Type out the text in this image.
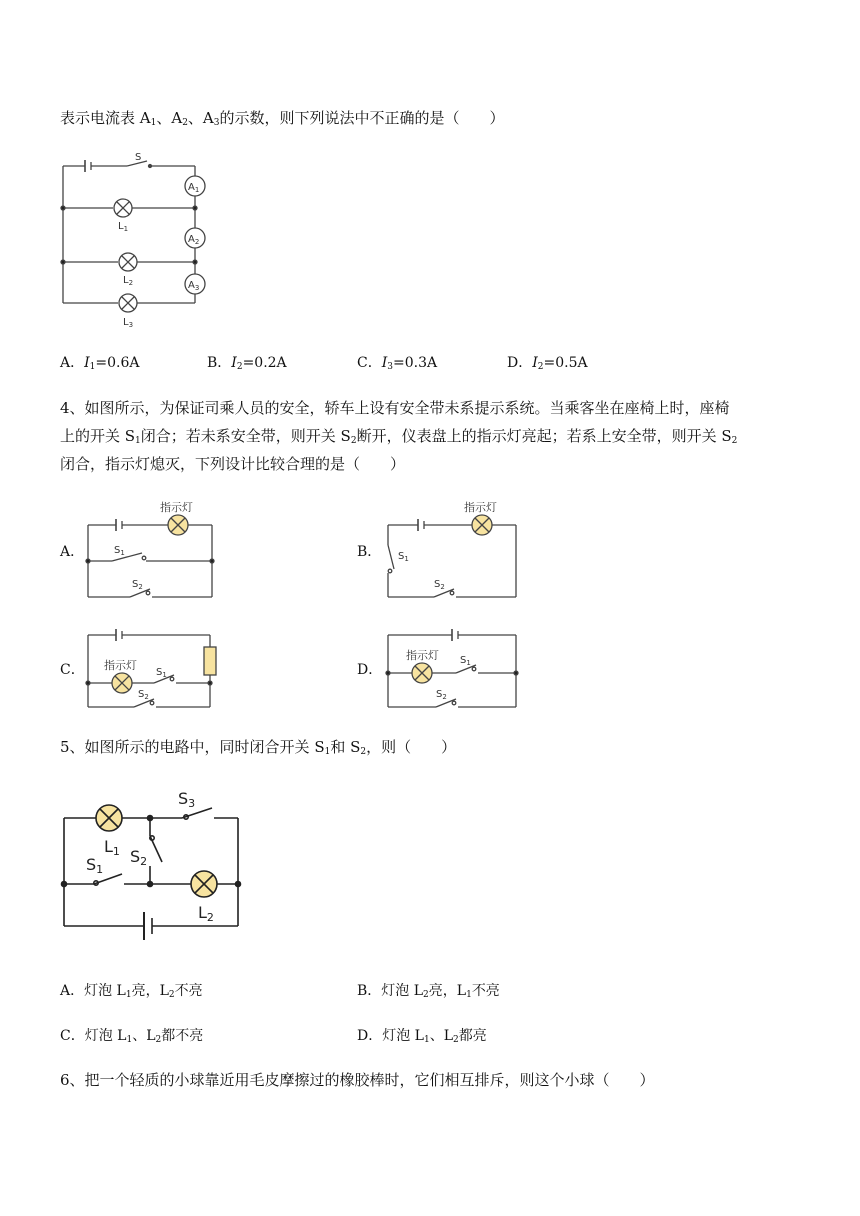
表示电流表 $A_1$、$A_2$、$A_3$的示数，则下列说法中不正确的是（　　）
S
$A_1$
$A_2$
$A_3$
$L_1$
$L_2$
$L_3$
A．$I_1=0.6A$	B．$I_2=0.2A$	C．$I_3=0.3A$	D．$I_2=0.5A$
4、如图所示，为保证司乘人员的安全，轿车上设有安全带未系提示系统。当乘客坐在座椅上时，座椅
上的开关 $S_1$闭合；若未系安全带，则开关 $S_2$断开，仪表盘上的指示灯亮起；若系上安全带，则开关 $S_2$
闭合，指示灯熄灭，下列设计比较合理的是（　　）
A．	B．
C．	D．
指示灯
$S_1$
$S_2$
指示灯
$S_1$
$S_2$
指示灯
$S_1$
$S_2$
指示灯 $S_1$
$S_2$
5、如图所示的电路中，同时闭合开关 $S_1$和 $S_2$，则（　　）
S3
L1 S2
S1
L2
A．灯泡 $L_1$亮，$L_2$不亮	B．灯泡 $L_2$亮，$L_1$不亮
C．灯泡 $L_1$、$L_2$都不亮	D．灯泡 $L_1$、$L_2$都亮
6、把一个轻质的小球靠近用毛皮摩擦过的橡胶棒时，它们相互排斥，则这个小球（　　）
